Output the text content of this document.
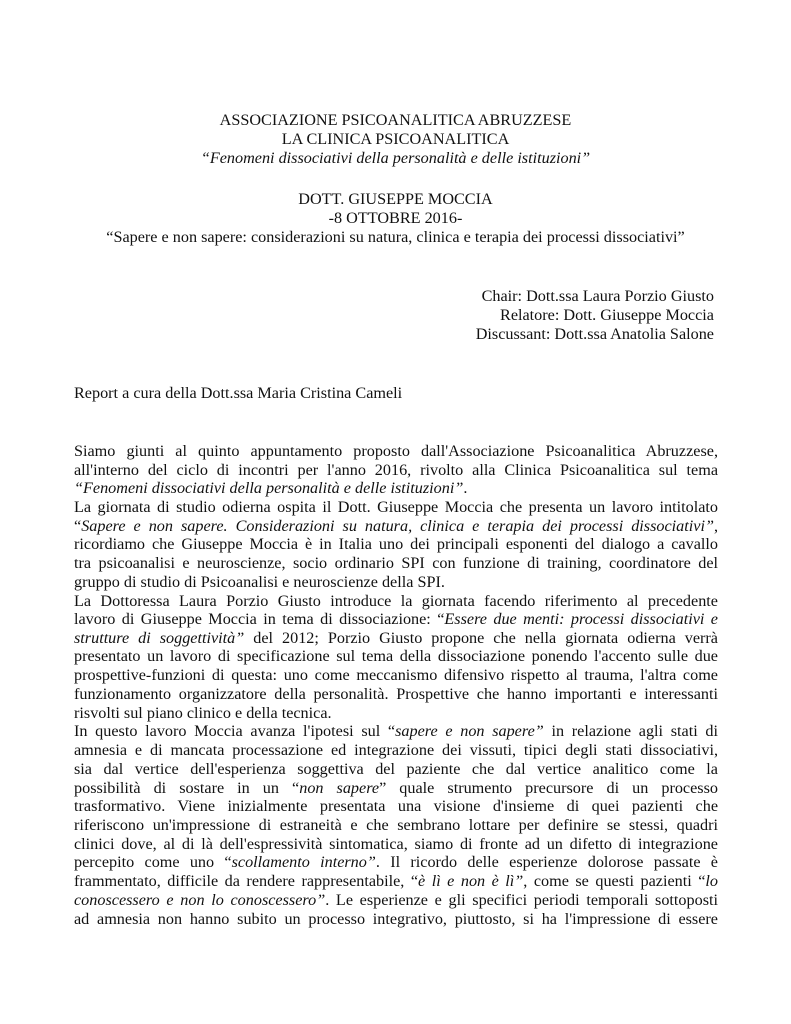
ASSOCIAZIONE PSICOANALITICA ABRUZZESE
LA CLINICA PSICOANALITICA
“Fenomeni dissociativi della personalità e delle istituzioni”
DOTT. GIUSEPPE MOCCIA
-8 OTTOBRE 2016-
“Sapere e non sapere: considerazioni su natura, clinica e terapia dei processi dissociativi”
Chair: Dott.ssa Laura Porzio Giusto
Relatore: Dott. Giuseppe Moccia
Discussant: Dott.ssa Anatolia Salone
Report a cura della Dott.ssa Maria Cristina Cameli
Siamo giunti al quinto appuntamento proposto dall'Associazione Psicoanalitica Abruzzese,
all'interno del ciclo di incontri per l'anno 2016, rivolto alla Clinica Psicoanalitica sul tema
“Fenomeni dissociativi della personalità e delle istituzioni”.
La giornata di studio odierna ospita il Dott. Giuseppe Moccia che presenta un lavoro intitolato
“Sapere e non sapere. Considerazioni su natura, clinica e terapia dei processi dissociativi”,
ricordiamo che Giuseppe Moccia è in Italia uno dei principali esponenti del dialogo a cavallo
tra psicoanalisi e neuroscienze, socio ordinario SPI con funzione di training, coordinatore del
gruppo di studio di Psicoanalisi e neuroscienze della SPI.
La Dottoressa Laura Porzio Giusto introduce la giornata facendo riferimento al precedente
lavoro di Giuseppe Moccia in tema di dissociazione: “Essere due menti: processi dissociativi e
strutture di soggettività” del 2012; Porzio Giusto propone che nella giornata odierna verrà
presentato un lavoro di specificazione sul tema della dissociazione ponendo l'accento sulle due
prospettive-funzioni di questa: uno come meccanismo difensivo rispetto al trauma, l'altra come
funzionamento organizzatore della personalità. Prospettive che hanno importanti e interessanti
risvolti sul piano clinico e della tecnica.
In questo lavoro Moccia avanza l'ipotesi sul “sapere e non sapere” in relazione agli stati di
amnesia e di mancata processazione ed integrazione dei vissuti, tipici degli stati dissociativi,
sia dal vertice dell'esperienza soggettiva del paziente che dal vertice analitico come la
possibilità di sostare in un “non sapere” quale strumento precursore di un processo
trasformativo. Viene inizialmente presentata una visione d'insieme di quei pazienti che
riferiscono un'impressione di estraneità e che sembrano lottare per definire se stessi, quadri
clinici dove, al di là dell'espressività sintomatica, siamo di fronte ad un difetto di integrazione
percepito come uno “scollamento interno”. Il ricordo delle esperienze dolorose passate è
frammentato, difficile da rendere rappresentabile, “è lì e non è lì”, come se questi pazienti “lo
conoscessero e non lo conoscessero”. Le esperienze e gli specifici periodi temporali sottoposti
ad amnesia non hanno subito un processo integrativo, piuttosto, si ha l'impressione di essere
